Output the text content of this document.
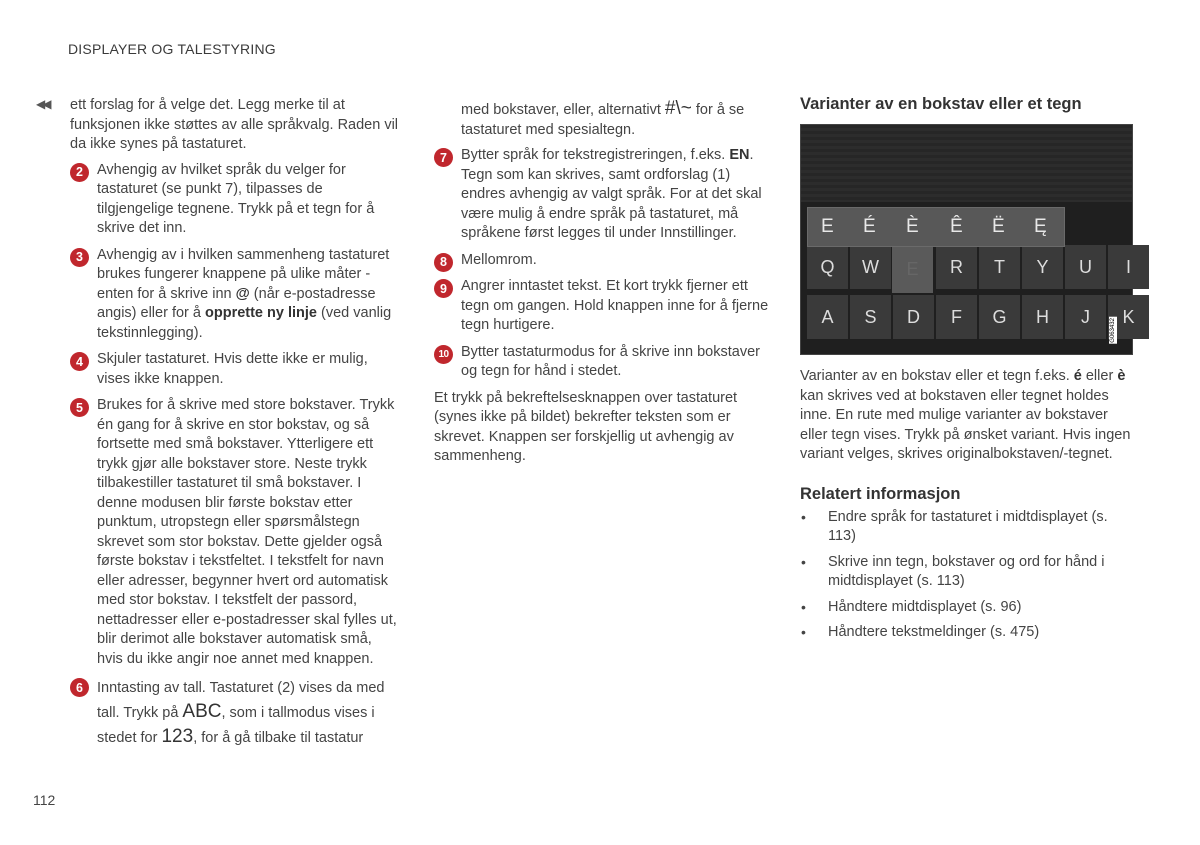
DISPLAYER OG TALESTYRING
◀◀ ett forslag for å velge det. Legg merke til at funksjonen ikke støttes av alle språkvalg. Raden vil da ikke synes på tastaturet.

2 Avhengig av hvilket språk du velger for tastaturet (se punkt 7), tilpasses de tilgjengelige tegnene. Trykk på et tegn for å skrive det inn.
3 Avhengig av i hvilken sammenheng tastaturet brukes fungerer knappene på ulike måter - enten for å skrive inn @ (når e-postadresse angis) eller for å opprette ny linje (ved vanlig tekstinnlegging).
4 Skjuler tastaturet. Hvis dette ikke er mulig, vises ikke knappen.
5 Brukes for å skrive med store bokstaver. Trykk én gang for å skrive en stor bokstav, og så fortsette med små bokstaver. Ytterligere ett trykk gjør alle bokstaver store. Neste trykk tilbakestiller tastaturet til små bokstaver. I denne modusen blir første bokstav etter punktum, utropstegn eller spørsmålstegn skrevet som stor bokstav. Dette gjelder også første bokstav i tekstfeltet. I tekstfelt for navn eller adresser, begynner hvert ord automatisk med stor bokstav. I tekstfelt der passord, nettadresser eller e-postadresser skal fylles ut, blir derimot alle bokstaver automatisk små, hvis du ikke angir noe annet med knappen.
6 Inntasting av tall. Tastaturet (2) vises da med tall. Trykk på ABC, som i tallmodus vises i stedet for 123, for å gå tilbake til tastatur

med bokstaver, eller, alternativt #\~ for å se tastaturet med spesialtegn.

7 Bytter språk for tekstregistreringen, f.eks. EN. Tegn som kan skrives, samt ordforslag (1) endres avhengig av valgt språk. For at det skal være mulig å endre språk på tastaturet, må språkene først legges til under Innstillinger.
8 Mellomrom.
9 Angrer inntastet tekst. Et kort trykk fjerner ett tegn om gangen. Hold knappen inne for å fjerne tegn hurtigere.
10 Bytter tastaturmodus for å skrive inn bokstaver og tegn for hånd i stedet.

Et trykk på bekreftelsesknappen over tastaturet (synes ikke på bildet) bekrefter teksten som er skrevet. Knappen ser forskjellig ut avhengig av sammenheng.

Varianter av en bokstav eller et tegn
Q	W	E	R	T	Y	U	I
A	S	D	F	G	H	J	K
E É È Ê Ë Ę
G063432

Varianter av en bokstav eller et tegn f.eks. é eller è kan skrives ved at bokstaven eller tegnet holdes inne. En rute med mulige varianter av bokstaver eller tegn vises. Trykk på ønsket variant. Hvis ingen variant velges, skrives originalbokstaven/-tegnet.

Relatert informasjon
• Endre språk for tastaturet i midtdisplayet (s. 113)
• Skrive inn tegn, bokstaver og ord for hånd i midtdisplayet (s. 113)
• Håndtere midtdisplayet (s. 96)
• Håndtere tekstmeldinger (s. 475)
112
